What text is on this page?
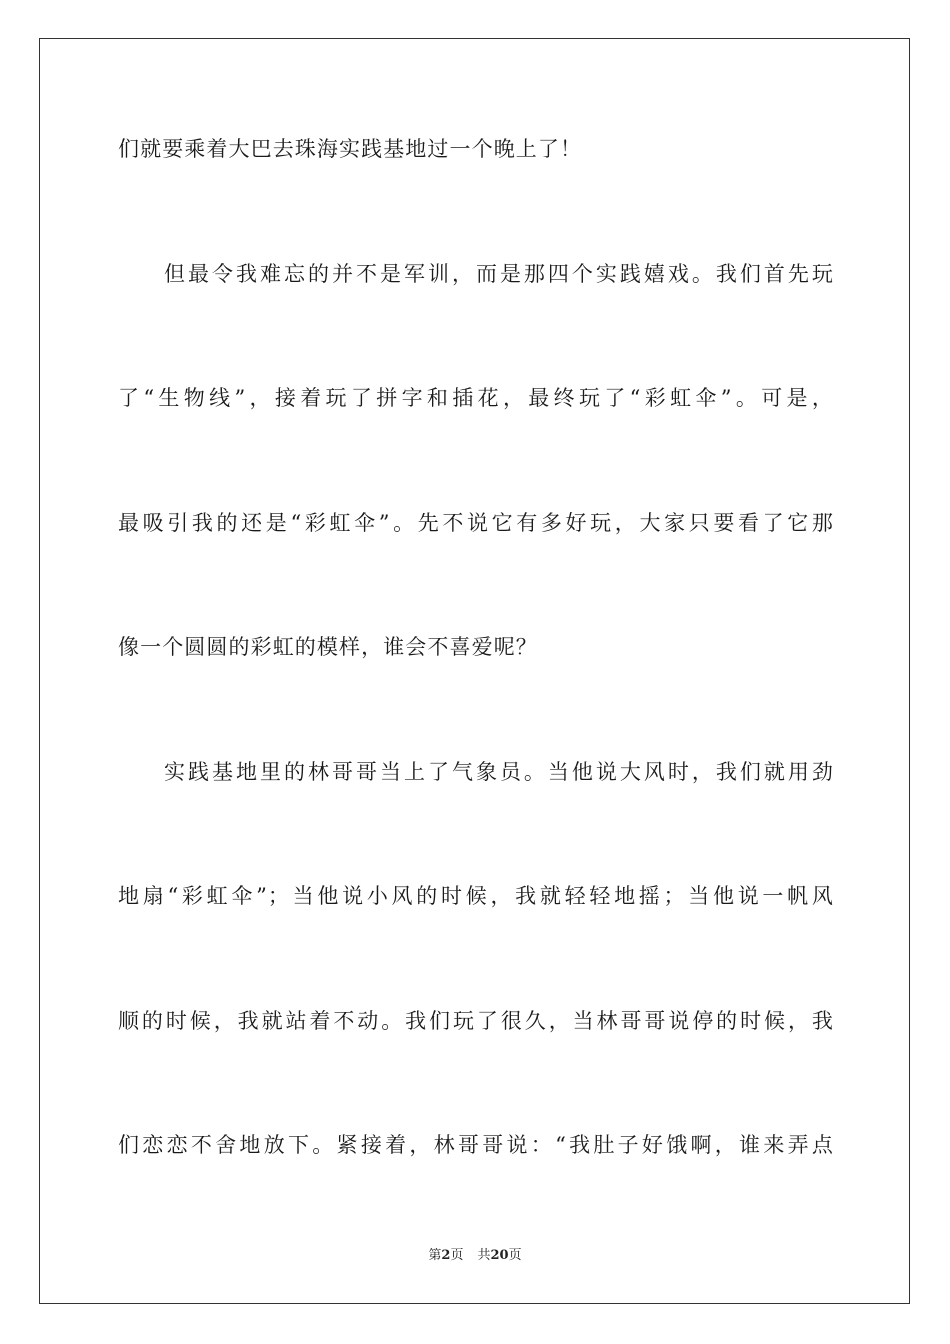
们就要乘着大巴去珠海实践基地过一个晚上了！
但最令我难忘的并不是军训，而是那四个实践嬉戏。我们首先玩
了“生物线”，接着玩了拼字和插花，最终玩了“彩虹伞”。可是，
最吸引我的还是“彩虹伞”。先不说它有多好玩，大家只要看了它那
像一个圆圆的彩虹的模样，谁会不喜爱呢？
实践基地里的林哥哥当上了气象员。当他说大风时，我们就用劲
地扇“彩虹伞”；当他说小风的时候，我就轻轻地摇；当他说一帆风
顺的时候，我就站着不动。我们玩了很久，当林哥哥说停的时候，我
们恋恋不舍地放下。紧接着，林哥哥说：“我肚子好饿啊，谁来弄点
第2页 共20页
